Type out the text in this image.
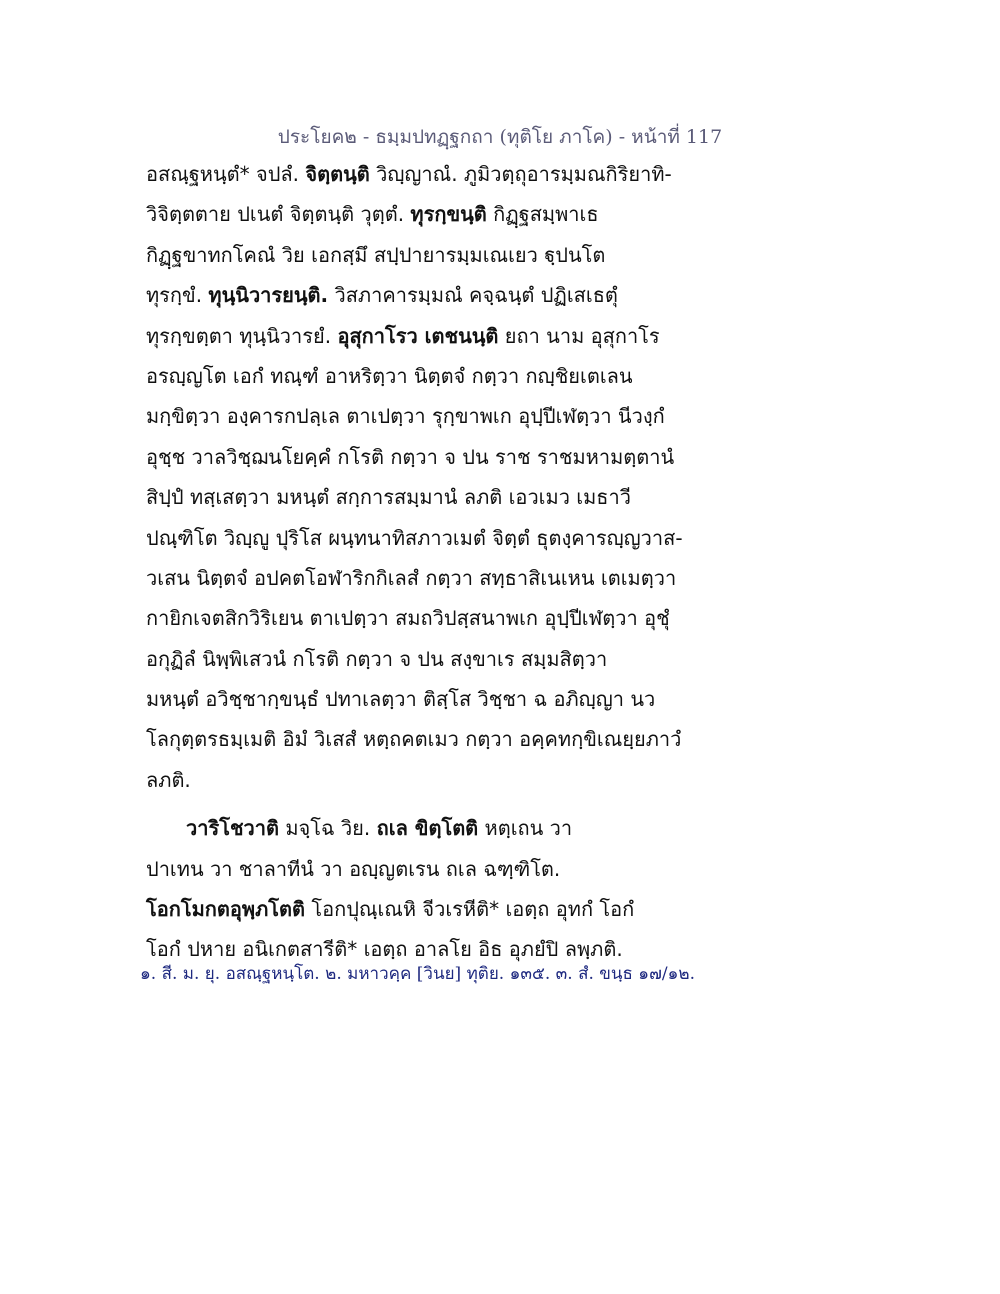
ประโยค๒ - ธมฺมปทฏฺฐกถา (ทุติโย ภาโค) - หน้าที่ 117
อสณฺฐหนฺตํ* จปลํ. จิตฺตนฺติ วิญฺญาณํ. ภูมิวตฺถุอารมฺมณกิริยาทิ-
วิจิตฺตตาย ปเนตํ จิตฺตนฺติ วุตฺตํ. ทุรกฺขนฺติ กิฏฺฐสมฺพาเธ
กิฏฺฐขาทกโคณํ วิย เอกสฺมึ สปฺปายารมฺมเณเยว ฐฺปนโต
ทุรกฺขํ. ทุนฺนิวารยนฺติ. วิสภาคารมฺมณํ คจฺฉนฺตํ ปฏิเสเธตุํ
ทุรกฺขตฺตา ทุนฺนิวารยํ. อุสุกาโรว เตชนนฺติ ยถา นาม อุสุกาโร
อรญฺญโต เอกํ ทณฺฑํ อาหริตฺวา นิตฺตจํ กตฺวา กญฺชิยเตเลน
มกฺขิตฺวา องฺคารกปลฺเล ตาเปตฺวา รุกฺขาพเก อุปฺปีเฬตฺวา นีวงฺกํ
อุชฺช วาลวิชฺฌนโยคฺคํ กโรติ กตฺวา จ ปน ราช ราชมหามตฺตานํ
สิปฺปํ ทสฺเสตฺวา มหนฺตํ สกฺการสมฺมานํ ลภติ เอวเมว เมธาวี
ปณฺฑิโต วิญฺญู ปุริโส ผนฺทนาทิสภาวเมตํ จิตฺตํ ธุตงฺคารญฺญวาส-
วเสน นิตฺตจํ อปคตโอฬาริกกิเลสํ กตฺวา สทฺธาสิเนเหน เตเมตฺวา
กายิกเจตสิกวิริเยน ตาเปตฺวา สมถวิปสฺสนาพเก อุปฺปีเฬตฺวา อุชุํ
อกุฏิลํ นิพฺพิเสวนํ กโรติ กตฺวา จ ปน สงฺขาเร สมฺมสิตฺวา
มหนฺตํ อวิชฺชากฺขนฺธํ ปทาเลตฺวา ติสฺโส วิชฺชา ฉ อภิญฺญา นว
โลกุตฺตรธมฺเมติ อิมํ วิเสสํ หตฺถคตเมว กตฺวา อคฺคทกฺขิเณยฺยภาวํ
ลภติ.
วาริโชวาติ มจฺโฉ วิย. ถเล ขิตฺโตติ หตฺเถน วา
ปาเทน วา ชาลาทีนํ วา อญฺญตเรน ถเล ฉฑฺฑิโต.
โอกโมกตอุพฺภโตติ โอกปุณฺเณหิ จีวเรหีติ* เอตฺถ อุทกํ โอกํ
โอกํ ปหาย อนิเกตสารีติ* เอตฺถ อาลโย อิธ อุภยํปิ ลพฺภติ.
๑. สี. ม. ยุ. อสณฺฐหนฺโต. ๒. มหาวคฺค [วินย] ทุติย. ๑๓๕. ๓. สํ. ขนฺธ ๑๗/๑๒.
